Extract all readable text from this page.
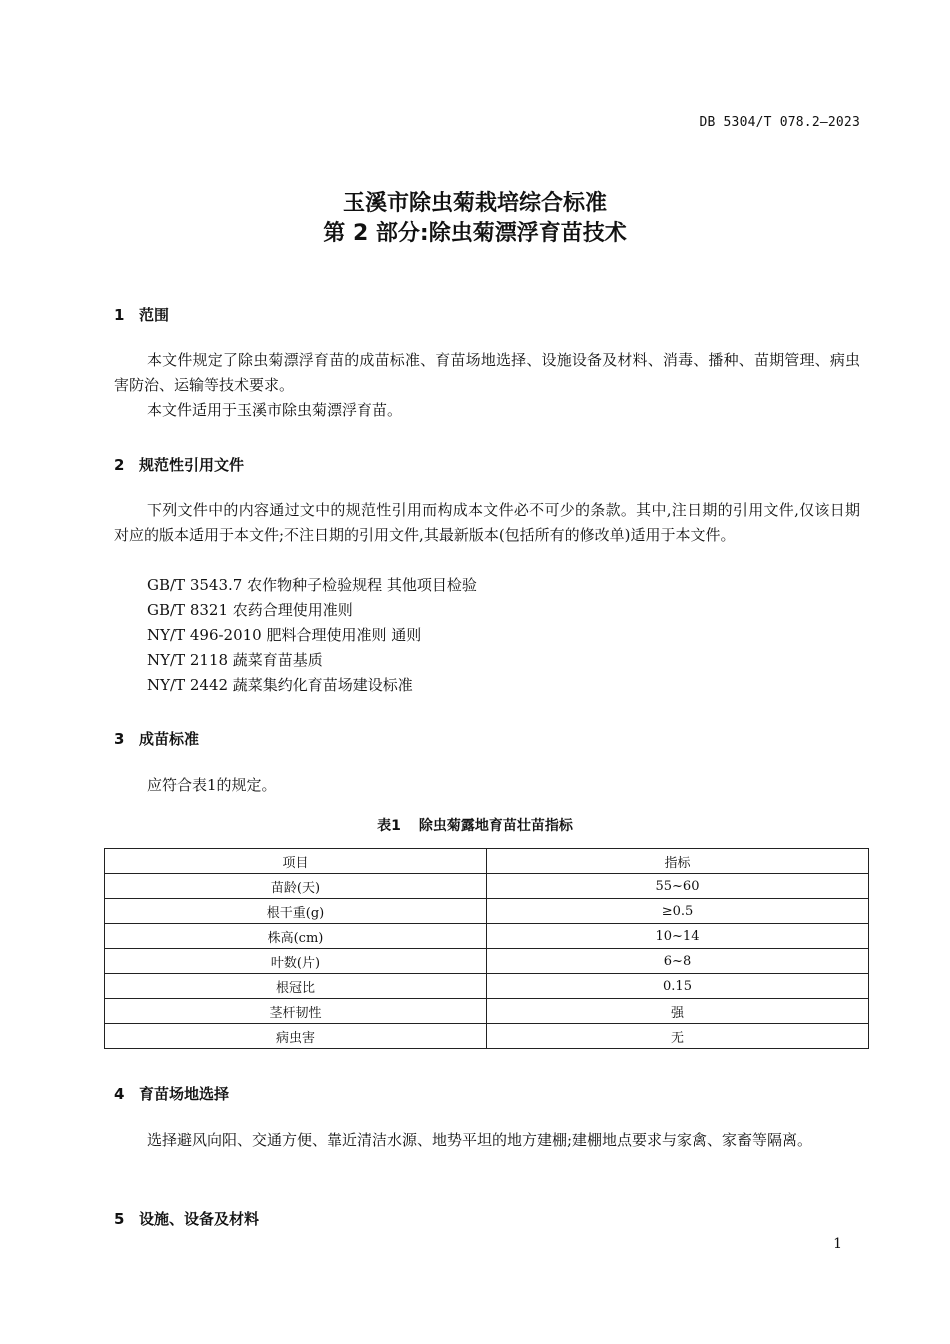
DB 5304/T 078.2—2023
玉溪市除虫菊栽培综合标准
第 2 部分:除虫菊漂浮育苗技术
1 范围

本文件规定了除虫菊漂浮育苗的成苗标准、育苗场地选择、设施设备及材料、消毒、播种、苗期管理、病虫害防治、运输等技术要求。

本文件适用于玉溪市除虫菊漂浮育苗。

2 规范性引用文件

下列文件中的内容通过文中的规范性引用而构成本文件必不可少的条款。其中,注日期的引用文件,仅该日期对应的版本适用于本文件;不注日期的引用文件,其最新版本(包括所有的修改单)适用于本文件。

GB/T 3543.7 农作物种子检验规程 其他项目检验
GB/T 8321 农药合理使用准则
NY/T 496-2010 肥料合理使用准则 通则
NY/T 2118 蔬菜育苗基质
NY/T 2442 蔬菜集约化育苗场建设标准
3 成苗标准

应符合表1的规定。

表1 除虫菊露地育苗壮苗指标
项目	指标
苗龄(天)	55~60
根干重(g)	≥0.5
株高(cm)	10~14
叶数(片)	6~8
根冠比	0.15
茎杆韧性	强
病虫害	无
4 育苗场地选择

选择避风向阳、交通方便、靠近清洁水源、地势平坦的地方建棚;建棚地点要求与家禽、家畜等隔离。

5 设施、设备及材料
1
